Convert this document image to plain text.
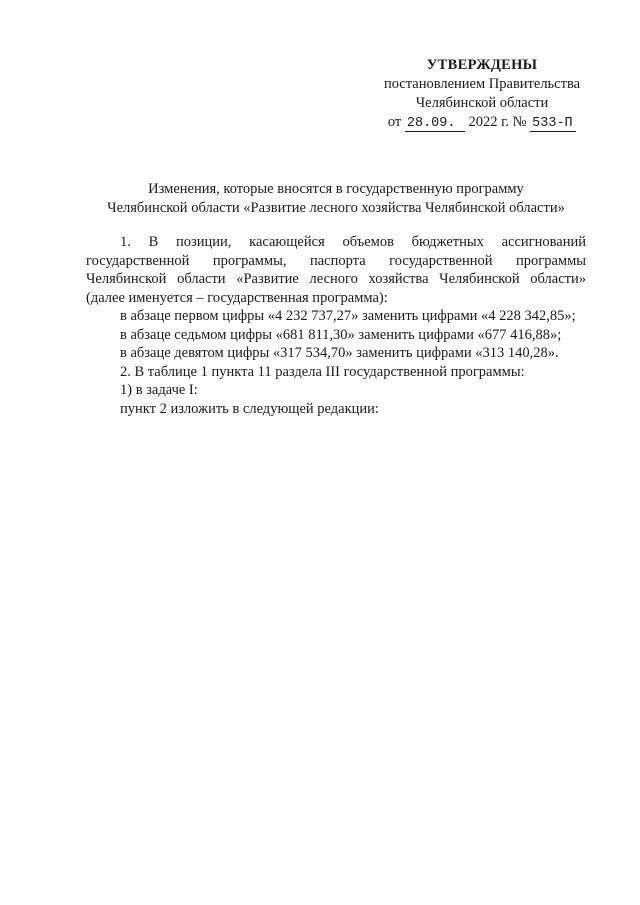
УТВЕРЖДЕНЫ
постановлением Правительства
Челябинской области
от 28.09. 2022 г. № 533-П
Изменения, которые вносятся в государственную программу
Челябинской области «Развитие лесного хозяйства Челябинской области»
1. В позиции, касающейся объемов бюджетных ассигнований
государственной программы, паспорта государственной программы
Челябинской области «Развитие лесного хозяйства Челябинской области»
(далее именуется – государственная программа):
в абзаце первом цифры «4 232 737,27» заменить цифрами «4 228 342,85»;
в абзаце седьмом цифры «681 811,30» заменить цифрами «677 416,88»;
в абзаце девятом цифры «317 534,70» заменить цифрами «313 140,28».
2. В таблице 1 пункта 11 раздела III государственной программы:
1) в задаче I:
пункт 2 изложить в следующей редакции:
